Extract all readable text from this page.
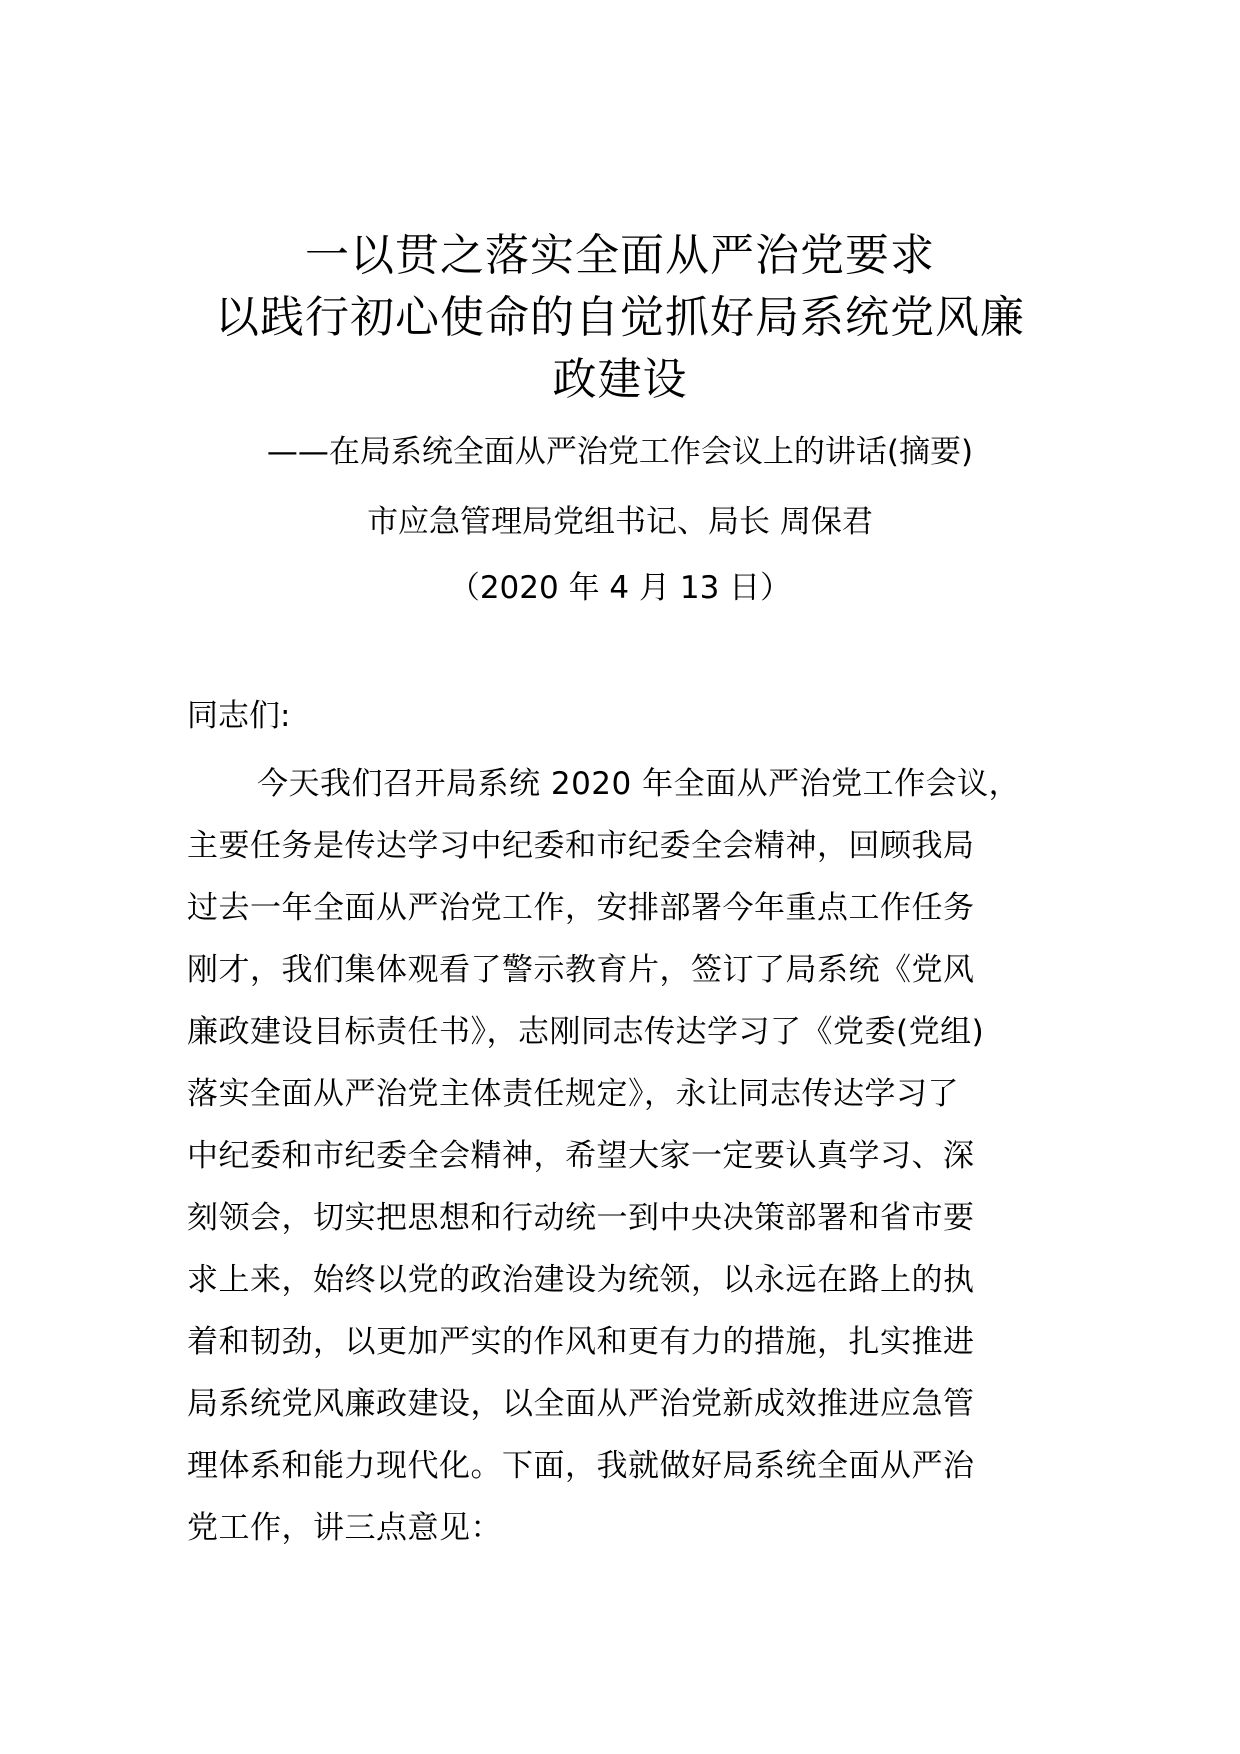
一以贯之落实全面从严治党要求
以践行初心使命的自觉抓好局系统党风廉
政建设
——在局系统全面从严治党工作会议上的讲话(摘要)
市应急管理局党组书记、局长 周保君
（2020 年 4 月 13 日）
同志们:
今天我们召开局系统 2020 年全面从严治党工作会议，
主要任务是传达学习中纪委和市纪委全会精神，回顾我局
过去一年全面从严治党工作，安排部署今年重点工作任务
刚才，我们集体观看了警示教育片，签订了局系统《党风
廉政建设目标责任书》，志刚同志传达学习了《党委(党组)
落实全面从严治党主体责任规定》，永让同志传达学习了
中纪委和市纪委全会精神，希望大家一定要认真学习、深
刻领会，切实把思想和行动统一到中央决策部署和省市要
求上来，始终以党的政治建设为统领，以永远在路上的执
着和韧劲，以更加严实的作风和更有力的措施，扎实推进
局系统党风廉政建设，以全面从严治党新成效推进应急管
理体系和能力现代化。下面，我就做好局系统全面从严治
党工作，讲三点意见：
